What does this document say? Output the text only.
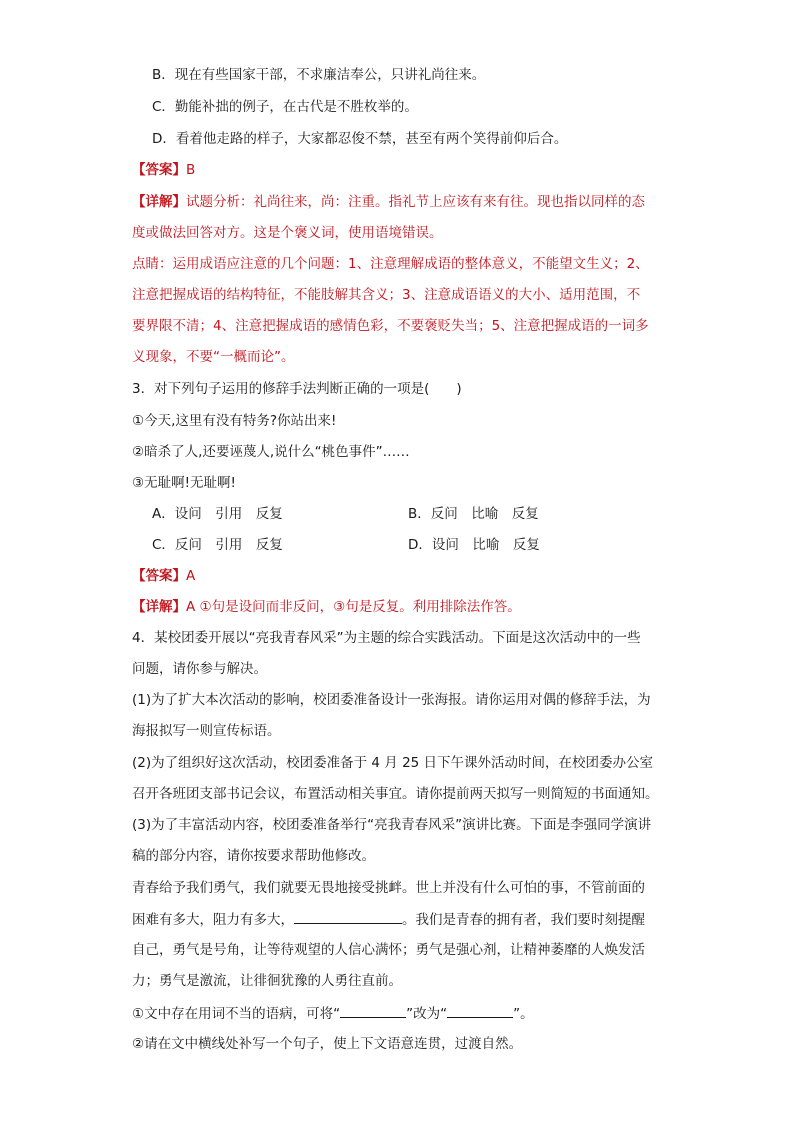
B．现在有些国家干部，不求廉洁奉公，只讲礼尚往来。
C．勤能补拙的例子，在古代是不胜枚举的。
D．看着他走路的样子，大家都忍俊不禁，甚至有两个笑得前仰后合。
【答案】B
【详解】试题分析：礼尚往来，尚：注重。指礼节上应该有来有往。现也指以同样的态
度或做法回答对方。这是个褒义词，使用语境错误。
点睛：运用成语应注意的几个问题：1、注意理解成语的整体意义，不能望文生义；2、
注意把握成语的结构特征，不能肢解其含义；3、注意成语语义的大小、适用范围，不
要界限不清；4、注意把握成语的感情色彩，不要褒贬失当；5、注意把握成语的一词多
义现象，不要“一概而论”。
3．对下列句子运用的修辞手法判断正确的一项是(　　)
①今天,这里有没有特务?你站出来!
②暗杀了人,还要诬蔑人,说什么“桃色事件”……
③无耻啊!无耻啊!
A．设问　引用　反复	B．反问　比喻　反复
C．反问　引用　反复	D．设问　比喻　反复
【答案】A
【详解】A ①句是设问而非反问，③句是反复。利用排除法作答。
4．某校团委开展以“亮我青春风采”为主题的综合实践活动。下面是这次活动中的一些
问题，请你参与解决。
(1)为了扩大本次活动的影响，校团委准备设计一张海报。请你运用对偶的修辞手法，为
海报拟写一则宣传标语。
(2)为了组织好这次活动，校团委准备于 4 月 25 日下午课外活动时间，在校团委办公室
召开各班团支部书记会议，布置活动相关事宜。请你提前两天拟写一则简短的书面通知。
(3)为了丰富活动内容，校团委准备举行“亮我青春风采”演讲比赛。下面是李强同学演讲
稿的部分内容，请你按要求帮助他修改。
青春给予我们勇气，我们就要无畏地接受挑衅。世上并没有什么可怕的事，不管前面的
困难有多大，阻力有多大，	。我们是青春的拥有者，我们要时刻提醒
自己，勇气是号角，让等待观望的人信心满怀；勇气是强心剂，让精神萎靡的人焕发活
力；勇气是激流，让徘徊犹豫的人勇往直前。
①文中存在用词不当的语病，可将“	”改为“	”。
②请在文中横线处补写一个句子，使上下文语意连贯，过渡自然。
